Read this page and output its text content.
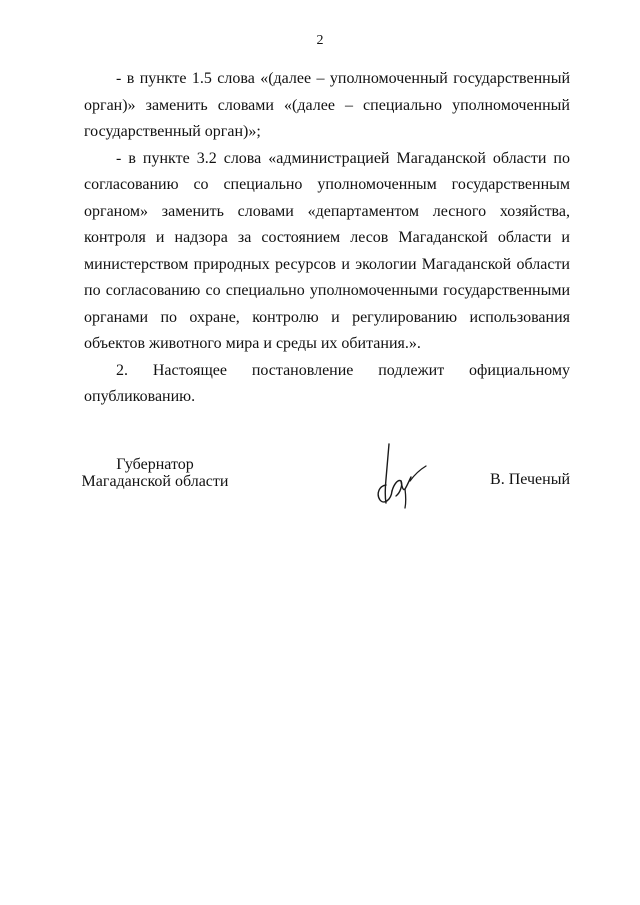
2

- в пункте 1.5 слова «(далее – уполномоченный государственный орган)» заменить словами «(далее – специально уполномоченный государственный орган)»;

- в пункте 3.2 слова «администрацией Магаданской области по согласованию со специально уполномоченным государственным органом» заменить словами «департаментом лесного хозяйства, контроля и надзора за состоянием лесов Магаданской области и министерством природных ресурсов и экологии Магаданской области по согласованию со специально уполномоченными государственными органами по охране, контролю и регулированию использования объектов животного мира и среды их обитания.».

2. Настоящее постановление подлежит официальному опубликованию.

Губернатор
Магаданской области	В. Печеный
